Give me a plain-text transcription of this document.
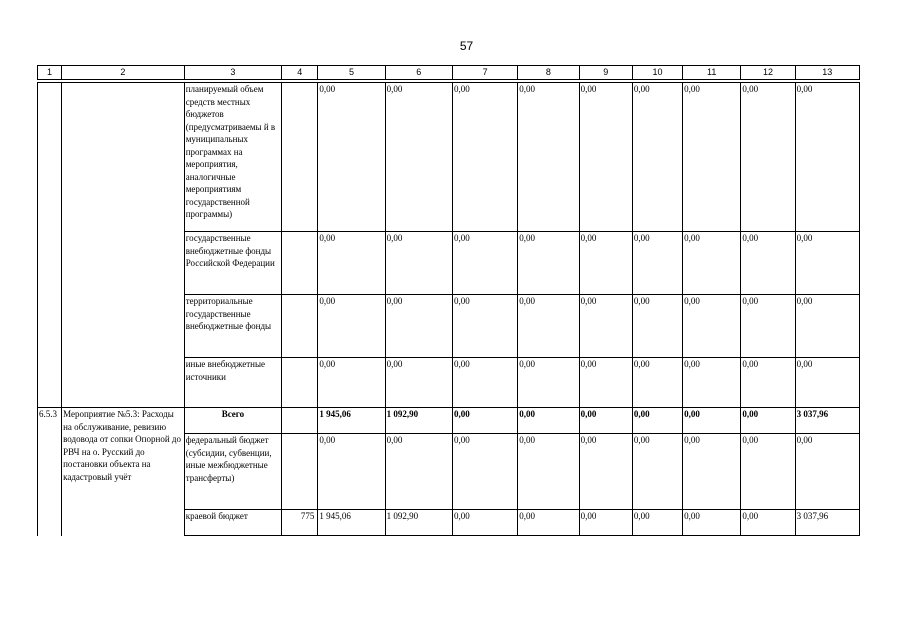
57
1	2	3	4	5	6	7	8	9	10	11	12	13
		планируемый объем средств местных бюджетов (предусматриваемы й в муниципальных программах на мероприятия, аналогичные мероприятиям государственной программы)		0,00	0,00	0,00	0,00	0,00	0,00	0,00	0,00	0,00
		государственные внебюджетные фонды Российской Федерации		0,00	0,00	0,00	0,00	0,00	0,00	0,00	0,00	0,00
		территориальные государственные внебюджетные фонды		0,00	0,00	0,00	0,00	0,00	0,00	0,00	0,00	0,00
		иные внебюджетные источники		0,00	0,00	0,00	0,00	0,00	0,00	0,00	0,00	0,00
6.5.3	Мероприятие №5.3: Расходы на обслуживание, ревизию водовода от сопки Опорной до РВЧ на о. Русский до постановки объекта на кадастровый учёт	Всего		1 945,06	1 092,90	0,00	0,00	0,00	0,00	0,00	0,00	3 037,96
		федеральный бюджет (субсидии, субвенции, иные межбюджетные трансферты)		0,00	0,00	0,00	0,00	0,00	0,00	0,00	0,00	0,00
		краевой бюджет	775	1 945,06	1 092,90	0,00	0,00	0,00	0,00	0,00	0,00	3 037,96
